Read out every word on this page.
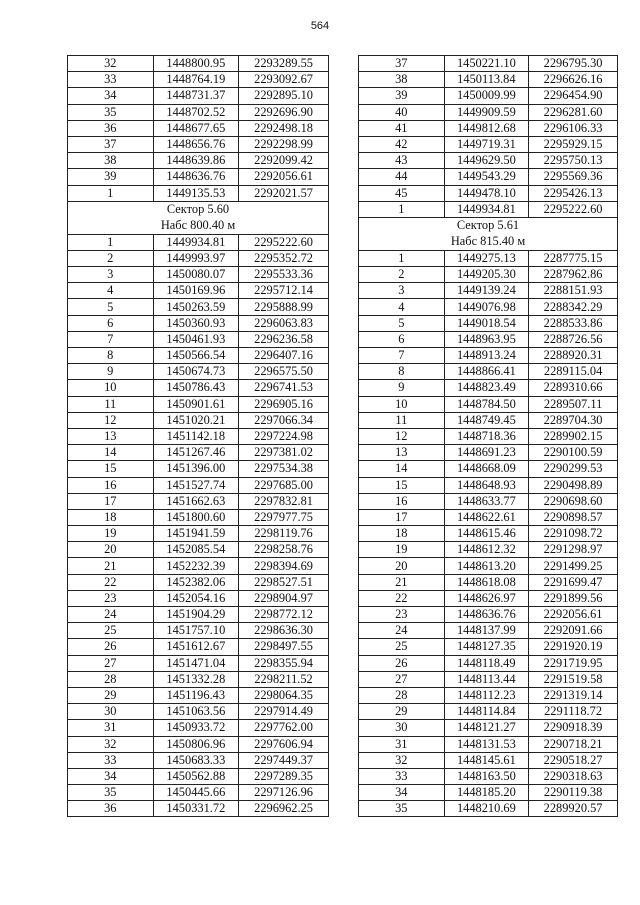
564
32	1448800.95	2293289.55
33	1448764.19	2293092.67
34	1448731.37	2292895.10
35	1448702.52	2292696.90
36	1448677.65	2292498.18
37	1448656.76	2292298.99
38	1448639.86	2292099.42
39	1448636.76	2292056.61
1	1449135.53	2292021.57

Сектор 5.60
Набс 800.40 м		

1	1449934.81	2295222.60
2	1449993.97	2295352.72
3	1450080.07	2295533.36
4	1450169.96	2295712.14
5	1450263.59	2295888.99
6	1450360.93	2296063.83
7	1450461.93	2296236.58
8	1450566.54	2296407.16
9	1450674.73	2296575.50
10	1450786.43	2296741.53
11	1450901.61	2296905.16
12	1451020.21	2297066.34
13	1451142.18	2297224.98
14	1451267.46	2297381.02
15	1451396.00	2297534.38
16	1451527.74	2297685.00
17	1451662.63	2297832.81
18	1451800.60	2297977.75
19	1451941.59	2298119.76
20	1452085.54	2298258.76
21	1452232.39	2298394.69
22	1452382.06	2298527.51
23	1452054.16	2298904.97
24	1451904.29	2298772.12
25	1451757.10	2298636.30
26	1451612.67	2298497.55
27	1451471.04	2298355.94
28	1451332.28	2298211.52
29	1451196.43	2298064.35
30	1451063.56	2297914.49
31	1450933.72	2297762.00
32	1450806.96	2297606.94
33	1450683.33	2297449.37
34	1450562.88	2297289.35
35	1450445.66	2297126.96
36	1450331.72	2296962.25
37	1450221.10	2296795.30
38	1450113.84	2296626.16
39	1450009.99	2296454.90
40	1449909.59	2296281.60
41	1449812.68	2296106.33
42	1449719.31	2295929.15
43	1449629.50	2295750.13
44	1449543.29	2295569.36
45	1449478.10	2295426.13
1	1449934.81	2295222.60

Сектор 5.61
Набс 815.40 м		

1	1449275.13	2287775.15
2	1449205.30	2287962.86
3	1449139.24	2288151.93
4	1449076.98	2288342.29
5	1449018.54	2288533.86
6	1448963.95	2288726.56
7	1448913.24	2288920.31
8	1448866.41	2289115.04
9	1448823.49	2289310.66
10	1448784.50	2289507.11
11	1448749.45	2289704.30
12	1448718.36	2289902.15
13	1448691.23	2290100.59
14	1448668.09	2290299.53
15	1448648.93	2290498.89
16	1448633.77	2290698.60
17	1448622.61	2290898.57
18	1448615.46	2291098.72
19	1448612.32	2291298.97
20	1448613.20	2291499.25
21	1448618.08	2291699.47
22	1448626.97	2291899.56
23	1448636.76	2292056.61
24	1448137.99	2292091.66
25	1448127.35	2291920.19
26	1448118.49	2291719.95
27	1448113.44	2291519.58
28	1448112.23	2291319.14
29	1448114.84	2291118.72
30	1448121.27	2290918.39
31	1448131.53	2290718.21
32	1448145.61	2290518.27
33	1448163.50	2290318.63
34	1448185.20	2290119.38
35	1448210.69	2289920.57
